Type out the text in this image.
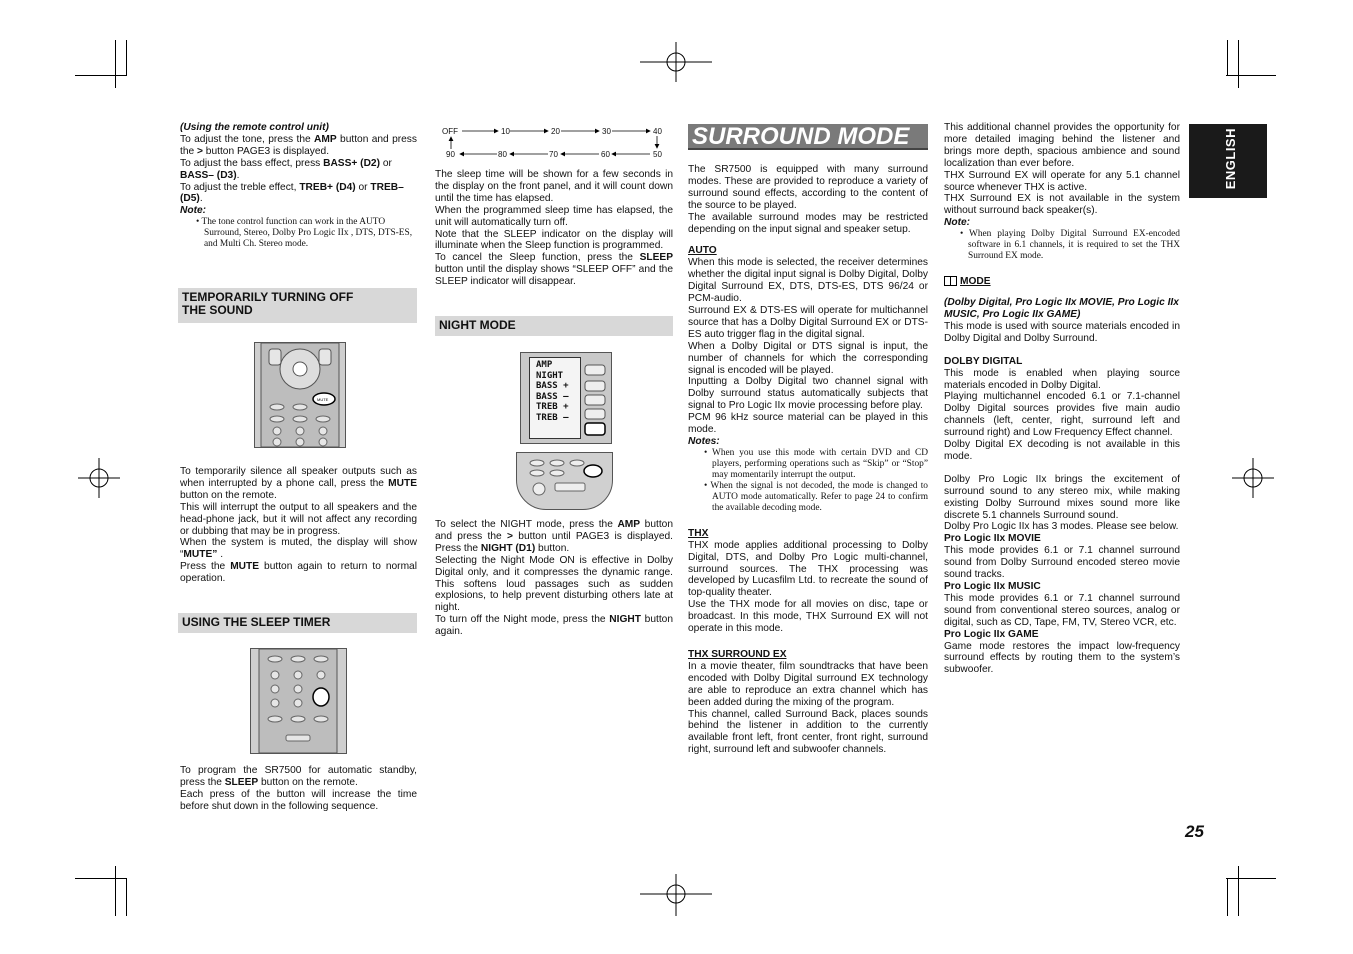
(Using the remote control unit)

To adjust the tone, press the AMP button and press the > button PAGE3 is displayed.

To adjust the bass effect, press BASS+ (D2) or BASS– (D3).

To adjust the treble effect, TREB+ (D4) or TREB– (D5).

Note:

• The tone control function can work in the AUTO Surround, Stereo, Dolby Pro Logic IIx , DTS, DTS-ES, and Multi Ch. Stereo mode.

TEMPORARILY TURNING OFF
THE SOUND
MUTE

To temporarily silence all speaker outputs such as when interrupted by a phone call, press the MUTE button on the remote.

This will interrupt the output to all speakers and the head-phone jack, but it will not affect any recording or dubbing that may be in progress.

When the system is muted, the display will show “MUTE” .

Press the MUTE button again to return to normal operation.

USING THE SLEEP TIMER

To program the SR7500 for automatic standby, press the SLEEP button on the remote.

Each press of the button will increase the time before shut down in the following sequence.

OFF	10	20	30	40
90	80	70	60	50

The sleep time will be shown for a few seconds in the display on the front panel, and it will count down until the time has elapsed.

When the programmed sleep time has elapsed, the unit will automatically turn off.

Note that the SLEEP indicator on the display will illuminate when the Sleep function is programmed.

To cancel the Sleep function, press the SLEEP button until the display shows “SLEEP OFF” and the SLEEP indicator will disappear.

NIGHT MODE
AMP
NIGHT
BASS +
BASS –
TREB +
TREB –

To select the NIGHT mode, press the AMP button and press the > button until PAGE3 is displayed. Press the NIGHT (D1) button.

Selecting the Night Mode ON is effective in Dolby Digital only, and it compresses the dynamic range. This softens loud passages such as sudden explosions, to help prevent disturbing others late at night.

To turn off the Night mode, press the NIGHT button again.

SURROUND MODE

The SR7500 is equipped with many surround modes. These are provided to reproduce a variety of surround sound effects, according to the content of the source to be played.

The available surround modes may be restricted depending on the input signal and speaker setup.

AUTO

When this mode is selected, the receiver determines whether the digital input signal is Dolby Digital, Dolby Digital Surround EX, DTS, DTS-ES, DTS 96/24 or PCM-audio.

Surround EX & DTS-ES will operate for multichannel source that has a Dolby Digital Surround EX or DTS-ES auto trigger flag in the digital signal.

When a Dolby Digital or DTS signal is input, the number of channels for which the corresponding signal is encoded will be played.

Inputting a Dolby Digital two channel signal with Dolby surround status automatically subjects that signal to Pro Logic IIx movie processing before play.

PCM 96 kHz source material can be played in this mode.

Notes:

• When you use this mode with certain DVD and CD players, performing operations such as “Skip” or “Stop” may momentarily interrupt the output.

• When the signal is not decoded, the mode is changed to AUTO mode automatically. Refer to page 24 to confirm the available decoding mode.

THX

THX mode applies additional processing to Dolby Digital, DTS, and Dolby Pro Logic multi-channel, surround sources. The THX processing was developed by Lucasfilm Ltd. to recreate the sound of top-quality theater.

Use the THX mode for all movies on disc, tape or broadcast. In this mode, THX Surround EX will not operate in this mode.

THX SURROUND EX

In a movie theater, film soundtracks that have been encoded with Dolby Digital surround EX technology are able to reproduce an extra channel which has been added during the mixing of the program.

This channel, called Surround Back, places sounds behind the listener in addition to the currently available front left, front center, front right, surround right, surround left and subwoofer channels.

This additional channel provides the opportunity for more detailed imaging behind the listener and brings more depth, spacious ambience and sound localization than ever before.

THX Surround EX will operate for any 5.1 channel source whenever THX is active.

THX Surround EX is not available in the system without surround back speaker(s).

Note:

• When playing Dolby Digital Surround EX-encoded software in 6.1 channels, it is required to set the THX Surround EX mode.

MODE

(Dolby Digital, Pro Logic IIx MOVIE, Pro Logic IIx MUSIC, Pro Logic IIx GAME)

This mode is used with source materials encoded in Dolby Digital and Dolby Surround.

DOLBY DIGITAL

This mode is enabled when playing source materials encoded in Dolby Digital.

Playing multichannel encoded 6.1 or 7.1-channel Dolby Digital sources provides five main audio channels (left, center, right, surround left and surround right) and Low Frequency Effect channel.

Dolby Digital EX decoding is not available in this mode.

Dolby Pro Logic IIx brings the excitement of surround sound to any stereo mix, while making existing Dolby Surround mixes sound more like discrete 5.1 channels Surround sound.

Dolby Pro Logic IIx has 3 modes. Please see below.

Pro Logic IIx MOVIE

This mode provides 6.1 or 7.1 channel surround sound from Dolby Surround encoded stereo movie sound tracks.

Pro Logic IIx MUSIC

This mode provides 6.1 or 7.1 channel surround sound from conventional stereo sources, analog or digital, such as CD, Tape, FM, TV, Stereo VCR, etc.

Pro Logic IIx GAME

Game mode restores the impact low-frequency surround effects by routing them to the system’s subwoofer.

ENGLISH
25
